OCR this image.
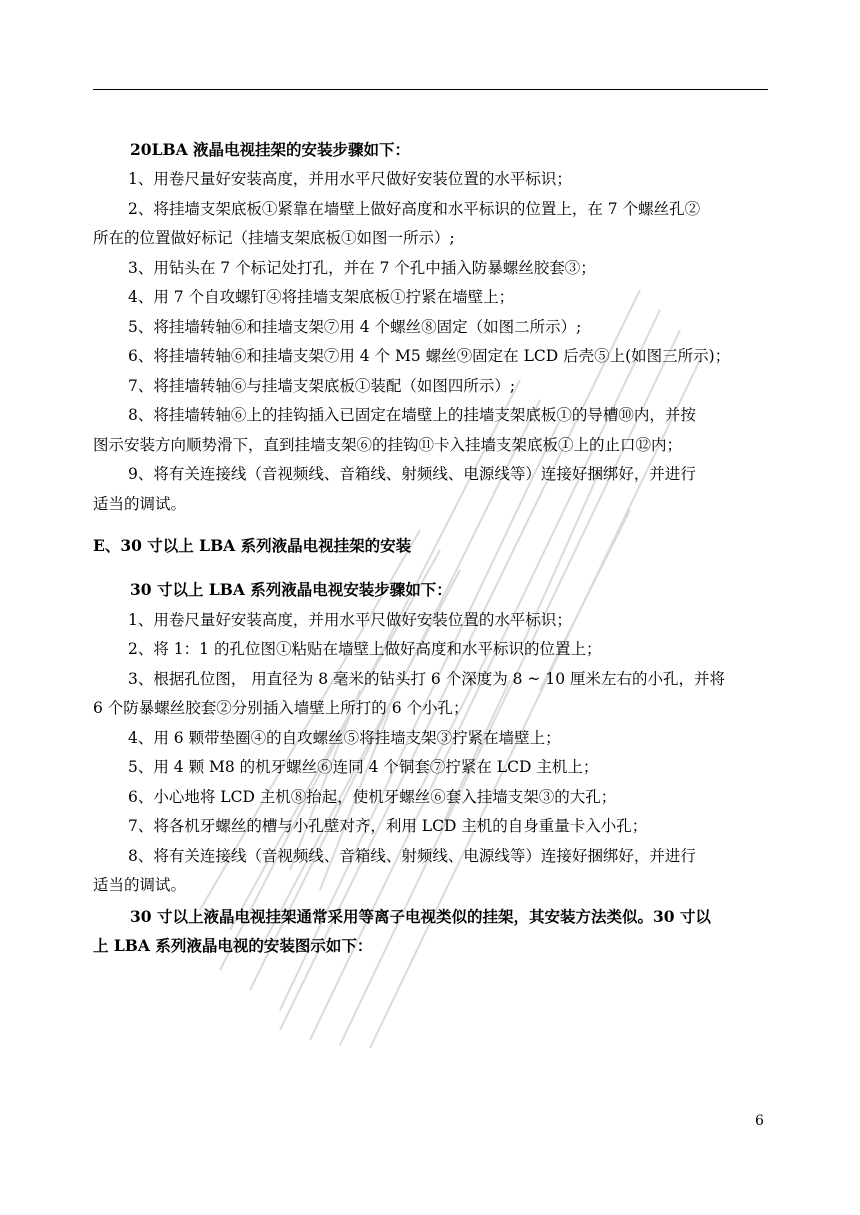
20LBA 液晶电视挂架的安装步骤如下：
1、用卷尺量好安装高度，并用水平尺做好安装位置的水平标识；
2、将挂墙支架底板①紧靠在墙壁上做好高度和水平标识的位置上，在 7 个螺丝孔②
所在的位置做好标记（挂墙支架底板①如图一所示）;
3、用钻头在 7 个标记处打孔，并在 7 个孔中插入防暴螺丝胶套③；
4、用 7 个自攻螺钉④将挂墙支架底板①拧紧在墙壁上；
5、将挂墙转轴⑥和挂墙支架⑦用 4 个螺丝⑧固定（如图二所示）;
6、将挂墙转轴⑥和挂墙支架⑦用 4 个 M5 螺丝⑨固定在 LCD 后壳⑤上(如图三所示)；
7、将挂墙转轴⑥与挂墙支架底板①装配（如图四所示）;
8、将挂墙转轴⑥上的挂钩插入已固定在墙壁上的挂墙支架底板①的导槽⑩内，并按
图示安装方向顺势滑下，直到挂墙支架⑥的挂钩⑪卡入挂墙支架底板①上的止口⑫内；
9、将有关连接线（音视频线、音箱线、射频线、电源线等）连接好捆绑好，并进行
适当的调试。
E、30 寸以上 LBA 系列液晶电视挂架的安装
30 寸以上 LBA 系列液晶电视安装步骤如下：
1、用卷尺量好安装高度，并用水平尺做好安装位置的水平标识；
2、将 1：1 的孔位图①粘贴在墙壁上做好高度和水平标识的位置上；
3、根据孔位图， 用直径为 8 毫米的钻头打 6 个深度为 8 ~ 10 厘米左右的小孔，并将
6 个防暴螺丝胶套②分别插入墙壁上所打的 6 个小孔；
4、用 6 颗带垫圈④的自攻螺丝⑤将挂墙支架③拧紧在墙壁上；
5、用 4 颗 M8 的机牙螺丝⑥连同 4 个铜套⑦拧紧在 LCD 主机上；
6、小心地将 LCD 主机⑧抬起，使机牙螺丝⑥套入挂墙支架③的大孔；
7、将各机牙螺丝的槽与小孔壁对齐，利用 LCD 主机的自身重量卡入小孔；
8、将有关连接线（音视频线、音箱线、射频线、电源线等）连接好捆绑好，并进行
适当的调试。
30 寸以上液晶电视挂架通常采用等离子电视类似的挂架，其安装方法类似。30 寸以
上 LBA 系列液晶电视的安装图示如下：
6
